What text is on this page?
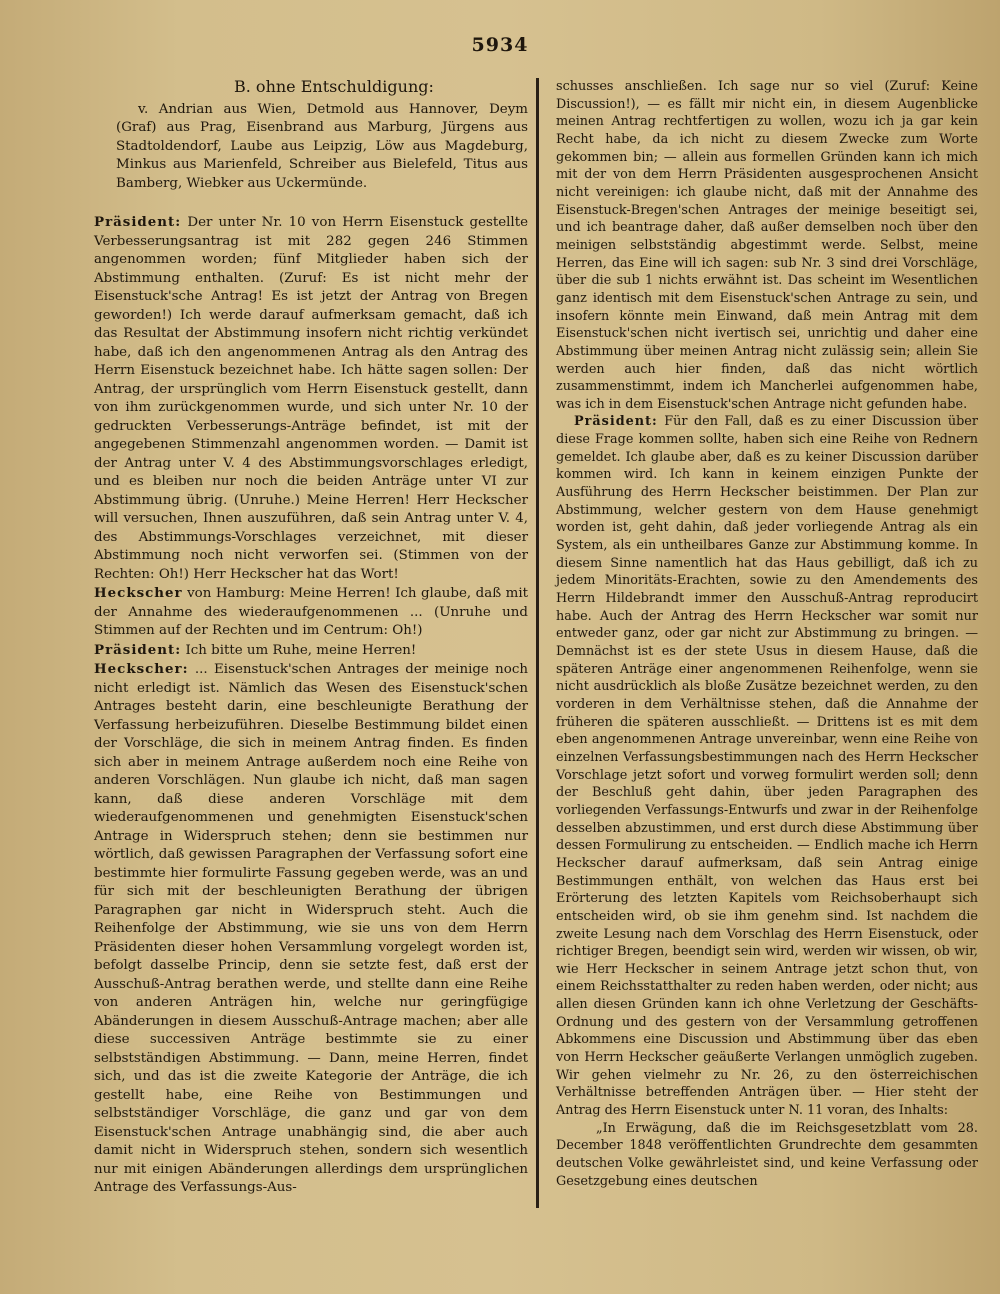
5934

B. ohne Entschuldigung:

v. Andrian aus Wien, Detmold aus Hannover, Deym (Graf) aus Prag, Eisenbrand aus Marburg, Jürgens aus Stadtoldendorf, Laube aus Leipzig, Löw aus Magdeburg, Minkus aus Marienfeld, Schreiber aus Bielefeld, Titus aus Bamberg, Wiebker aus Uckermünde.

Präsident: Der unter Nr. 10 von Herrn Eisenstuck gestellte Verbesserungsantrag ist mit 282 gegen 246 Stimmen angenommen worden; fünf Mitglieder haben sich der Abstimmung enthalten. (Zuruf: Es ist nicht mehr der Eisenstuck'sche Antrag! Es ist jetzt der Antrag von Bregen geworden!) Ich werde darauf aufmerksam gemacht, daß ich das Resultat der Abstimmung insofern nicht richtig verkündet habe, daß ich den angenommenen Antrag als den Antrag des Herrn Eisenstuck bezeichnet habe. Ich hätte sagen sollen: Der Antrag, der ursprünglich vom Herrn Eisenstuck gestellt, dann von ihm zurückgenommen wurde, und sich unter Nr. 10 der gedruckten Verbesserungs-Anträge befindet, ist mit der angegebenen Stimmenzahl angenommen worden. — Damit ist der Antrag unter V. 4 des Abstimmungsvorschlages erledigt, und es bleiben nur noch die beiden Anträge unter VI zur Abstimmung übrig. (Unruhe.) Meine Herren! Herr Heckscher will versuchen, Ihnen auszuführen, daß sein Antrag unter V. 4, des Abstimmungs-Vorschlages verzeichnet, mit dieser Abstimmung noch nicht verworfen sei. (Stimmen von der Rechten: Oh!) Herr Heckscher hat das Wort!

Heckscher von Hamburg: Meine Herren! Ich glaube, daß mit der Annahme des wiederaufgenommenen ... (Unruhe und Stimmen auf der Rechten und im Centrum: Oh!)

Präsident: Ich bitte um Ruhe, meine Herren!

Heckscher: ... Eisenstuck'schen Antrages der meinige noch nicht erledigt ist. Nämlich das Wesen des Eisenstuck'schen Antrages besteht darin, eine beschleunigte Berathung der Verfassung herbeizuführen. Dieselbe Bestimmung bildet einen der Vorschläge, die sich in meinem Antrag finden. Es finden sich aber in meinem Antrage außerdem noch eine Reihe von anderen Vorschlägen. Nun glaube ich nicht, daß man sagen kann, daß diese anderen Vorschläge mit dem wiederaufgenommenen und genehmigten Eisenstuck'schen Antrage in Widerspruch stehen; denn sie bestimmen nur wörtlich, daß gewissen Paragraphen der Verfassung sofort eine bestimmte hier formulirte Fassung gegeben werde, was an und für sich mit der beschleunigten Berathung der übrigen Paragraphen gar nicht in Widerspruch steht. Auch die Reihenfolge der Abstimmung, wie sie uns von dem Herrn Präsidenten dieser hohen Versammlung vorgelegt worden ist, befolgt dasselbe Princip, denn sie setzte fest, daß erst der Ausschuß-Antrag berathen werde, und stellte dann eine Reihe von anderen Anträgen hin, welche nur geringfügige Abänderungen in diesem Ausschuß-Antrage machen; aber alle diese successiven Anträge bestimmte sie zu einer selbstständigen Abstimmung. — Dann, meine Herren, findet sich, und das ist die zweite Kategorie der Anträge, die ich gestellt habe, eine Reihe von Bestimmungen und selbstständiger Vorschläge, die ganz und gar von dem Eisenstuck'schen Antrage unabhängig sind, die aber auch damit nicht in Widerspruch stehen, sondern sich wesentlich nur mit einigen Abänderungen allerdings dem ursprünglichen Antrage des Verfassungs-Aus-

schusses anschließen. Ich sage nur so viel (Zuruf: Keine Discussion!), — es fällt mir nicht ein, in diesem Augenblicke meinen Antrag rechtfertigen zu wollen, wozu ich ja gar kein Recht habe, da ich nicht zu diesem Zwecke zum Worte gekommen bin; — allein aus formellen Gründen kann ich mich mit der von dem Herrn Präsidenten ausgesprochenen Ansicht nicht vereinigen: ich glaube nicht, daß mit der Annahme des Eisenstuck-Bregen'schen Antrages der meinige beseitigt sei, und ich beantrage daher, daß außer demselben noch über den meinigen selbstständig abgestimmt werde. Selbst, meine Herren, das Eine will ich sagen: sub Nr. 3 sind drei Vorschläge, über die sub 1 nichts erwähnt ist. Das scheint im Wesentlichen ganz identisch mit dem Eisenstuck'schen Antrage zu sein, und insofern könnte mein Einwand, daß mein Antrag mit dem Eisenstuck'schen nicht ivertisch sei, unrichtig und daher eine Abstimmung über meinen Antrag nicht zulässig sein; allein Sie werden auch hier finden, daß das nicht wörtlich zusammenstimmt, indem ich Mancherlei aufgenommen habe, was ich in dem Eisenstuck'schen Antrage nicht gefunden habe.

Präsident: Für den Fall, daß es zu einer Discussion über diese Frage kommen sollte, haben sich eine Reihe von Rednern gemeldet. Ich glaube aber, daß es zu keiner Discussion darüber kommen wird. Ich kann in keinem einzigen Punkte der Ausführung des Herrn Heckscher beistimmen. Der Plan zur Abstimmung, welcher gestern von dem Hause genehmigt worden ist, geht dahin, daß jeder vorliegende Antrag als ein System, als ein untheilbares Ganze zur Abstimmung komme. In diesem Sinne namentlich hat das Haus gebilligt, daß ich zu jedem Minoritäts-Erachten, sowie zu den Amendements des Herrn Hildebrandt immer den Ausschuß-Antrag reproducirt habe. Auch der Antrag des Herrn Heckscher war somit nur entweder ganz, oder gar nicht zur Abstimmung zu bringen. — Demnächst ist es der stete Usus in diesem Hause, daß die späteren Anträge einer angenommenen Reihenfolge, wenn sie nicht ausdrücklich als bloße Zusätze bezeichnet werden, zu den vorderen in dem Verhältnisse stehen, daß die Annahme der früheren die späteren ausschließt. — Drittens ist es mit dem eben angenommenen Antrage unvereinbar, wenn eine Reihe von einzelnen Verfassungsbestimmungen nach des Herrn Heckscher Vorschlage jetzt sofort und vorweg formulirt werden soll; denn der Beschluß geht dahin, über jeden Paragraphen des vorliegenden Verfassungs-Entwurfs und zwar in der Reihenfolge desselben abzustimmen, und erst durch diese Abstimmung über dessen Formulirung zu entscheiden. — Endlich mache ich Herrn Heckscher darauf aufmerksam, daß sein Antrag einige Bestimmungen enthält, von welchen das Haus erst bei Erörterung des letzten Kapitels vom Reichsoberhaupt sich entscheiden wird, ob sie ihm genehm sind. Ist nachdem die zweite Lesung nach dem Vorschlag des Herrn Eisenstuck, oder richtiger Bregen, beendigt sein wird, werden wir wissen, ob wir, wie Herr Heckscher in seinem Antrage jetzt schon thut, von einem Reichsstatthalter zu reden haben werden, oder nicht; aus allen diesen Gründen kann ich ohne Verletzung der Geschäfts-Ordnung und des gestern von der Versammlung getroffenen Abkommens eine Discussion und Abstimmung über das eben von Herrn Heckscher geäußerte Verlangen unmöglich zugeben. Wir gehen vielmehr zu Nr. 26, zu den österreichischen Verhältnisse betreffenden Anträgen über. — Hier steht der Antrag des Herrn Eisenstuck unter N. 11 voran, des Inhalts:

„In Erwägung, daß die im Reichsgesetzblatt vom 28. December 1848 veröffentlichten Grundrechte dem gesammten deutschen Volke gewährleistet sind, und keine Verfassung oder Gesetzgebung eines deutschen
